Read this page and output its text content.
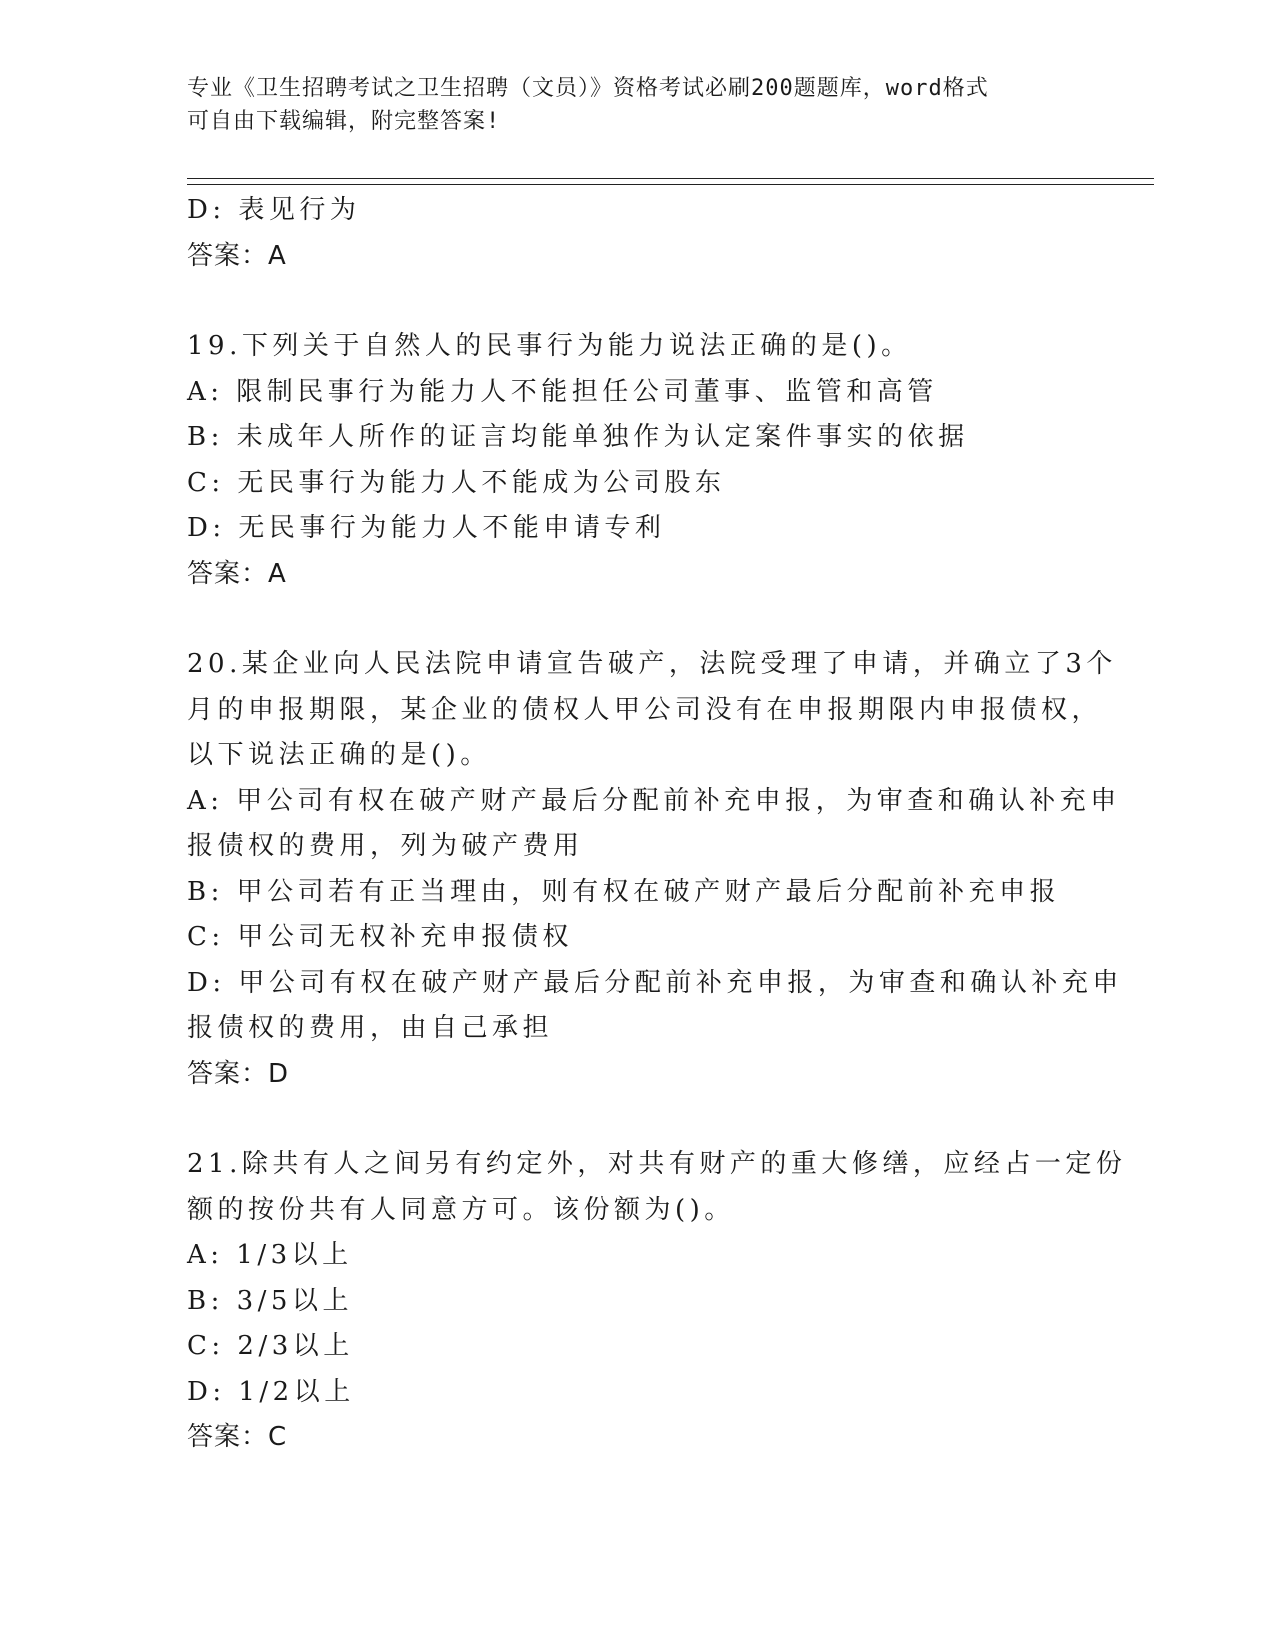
专业《卫生招聘考试之卫生招聘（文员）》资格考试必刷200题题库，word格式
可自由下载编辑，附完整答案!
D: 表见行为
答案：A
19.下列关于自然人的民事行为能力说法正确的是()。
A: 限制民事行为能力人不能担任公司董事、监管和高管
B: 未成年人所作的证言均能单独作为认定案件事实的依据
C: 无民事行为能力人不能成为公司股东
D: 无民事行为能力人不能申请专利
答案：A
20.某企业向人民法院申请宣告破产，法院受理了申请，并确立了3个
月的申报期限，某企业的债权人甲公司没有在申报期限内申报债权，
以下说法正确的是()。
A: 甲公司有权在破产财产最后分配前补充申报，为审查和确认补充申
报债权的费用，列为破产费用
B: 甲公司若有正当理由，则有权在破产财产最后分配前补充申报
C: 甲公司无权补充申报债权
D: 甲公司有权在破产财产最后分配前补充申报，为审查和确认补充申
报债权的费用，由自己承担
答案：D
21.除共有人之间另有约定外，对共有财产的重大修缮，应经占一定份
额的按份共有人同意方可。该份额为()。
A: 1/3以上
B: 3/5以上
C: 2/3以上
D: 1/2以上
答案：C
